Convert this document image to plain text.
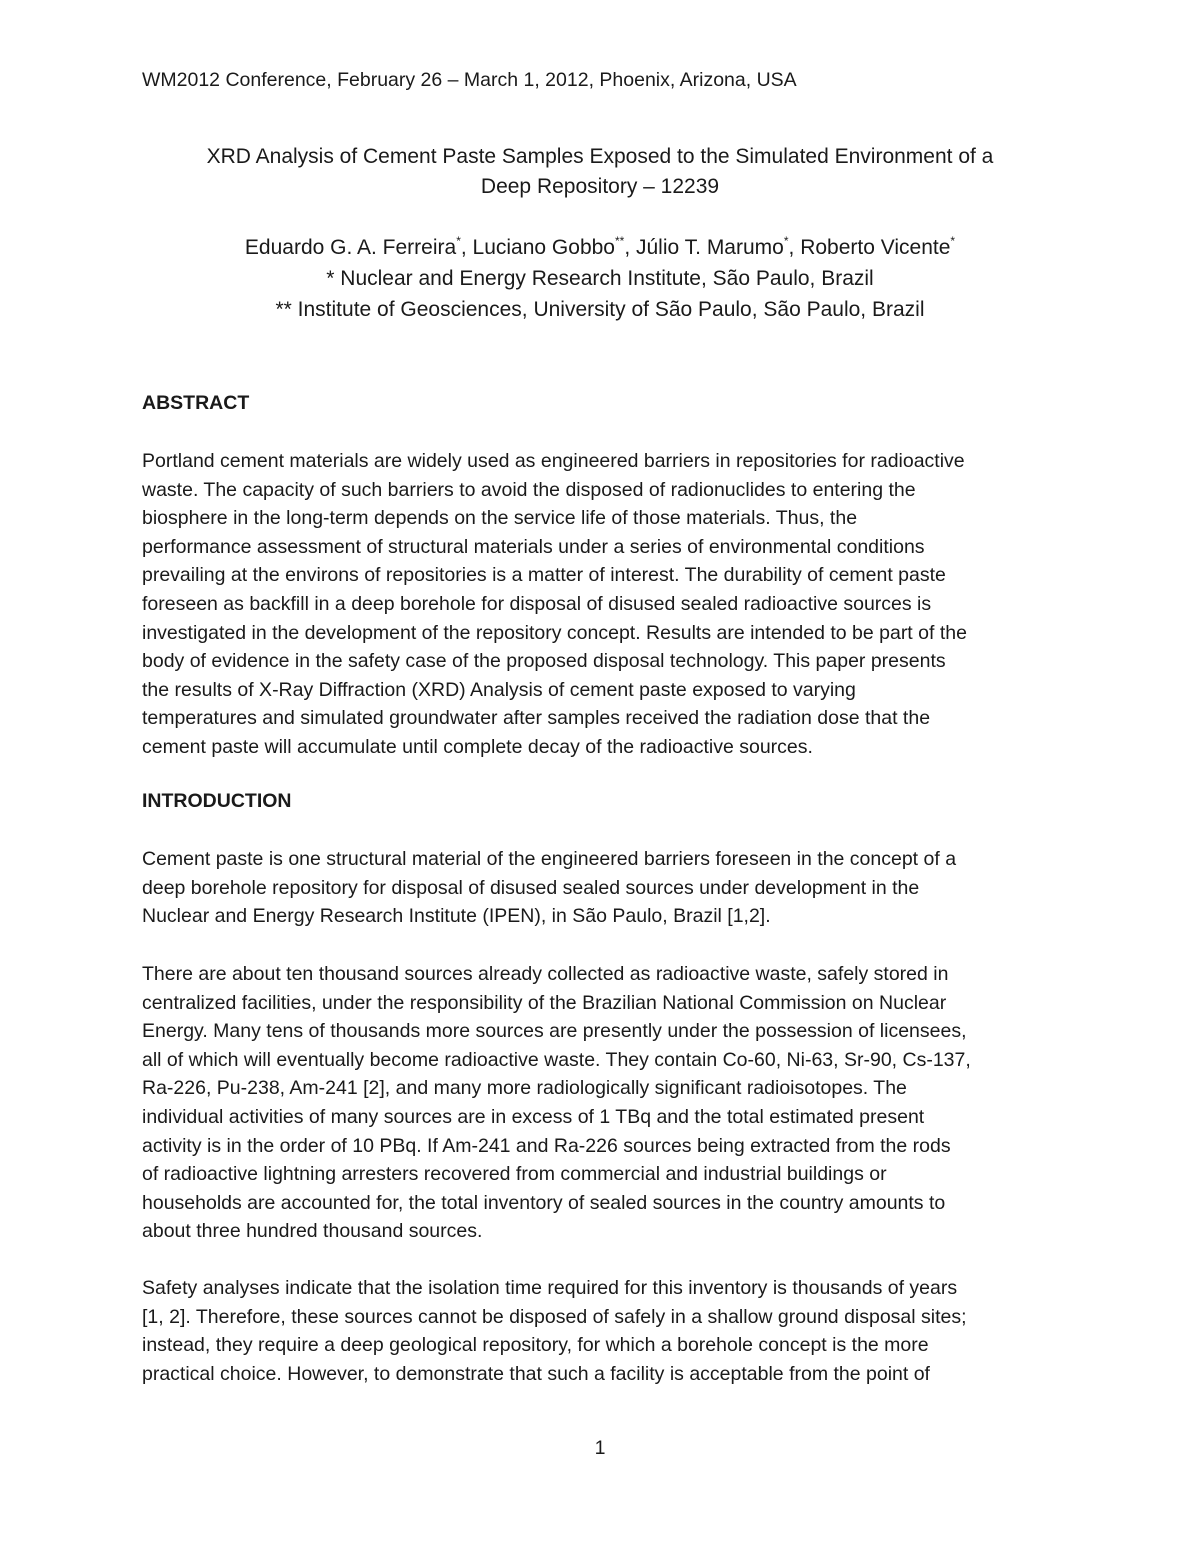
WM2012 Conference, February 26 – March 1, 2012, Phoenix, Arizona, USA
XRD Analysis of Cement Paste Samples Exposed to the Simulated Environment of a
Deep Repository – 12239
Eduardo G. A. Ferreira*, Luciano Gobbo**, Júlio T. Marumo*, Roberto Vicente*
* Nuclear and Energy Research Institute, São Paulo, Brazil
** Institute of Geosciences, University of São Paulo, São Paulo, Brazil
ABSTRACT
Portland cement materials are widely used as engineered barriers in repositories for radioactive
waste. The capacity of such barriers to avoid the disposed of radionuclides to entering the
biosphere in the long-term depends on the service life of those materials. Thus, the
performance assessment of structural materials under a series of environmental conditions
prevailing at the environs of repositories is a matter of interest. The durability of cement paste
foreseen as backfill in a deep borehole for disposal of disused sealed radioactive sources is
investigated in the development of the repository concept. Results are intended to be part of the
body of evidence in the safety case of the proposed disposal technology. This paper presents
the results of X-Ray Diffraction (XRD) Analysis of cement paste exposed to varying
temperatures and simulated groundwater after samples received the radiation dose that the
cement paste will accumulate until complete decay of the radioactive sources.
INTRODUCTION
Cement paste is one structural material of the engineered barriers foreseen in the concept of a
deep borehole repository for disposal of disused sealed sources under development in the
Nuclear and Energy Research Institute (IPEN), in São Paulo, Brazil [1,2].
There are about ten thousand sources already collected as radioactive waste, safely stored in
centralized facilities, under the responsibility of the Brazilian National Commission on Nuclear
Energy. Many tens of thousands more sources are presently under the possession of licensees,
all of which will eventually become radioactive waste. They contain Co-60, Ni-63, Sr-90, Cs-137,
Ra-226, Pu-238, Am-241 [2], and many more radiologically significant radioisotopes. The
individual activities of many sources are in excess of 1 TBq and the total estimated present
activity is in the order of 10 PBq. If Am-241 and Ra-226 sources being extracted from the rods
of radioactive lightning arresters recovered from commercial and industrial buildings or
households are accounted for, the total inventory of sealed sources in the country amounts to
about three hundred thousand sources.
Safety analyses indicate that the isolation time required for this inventory is thousands of years
[1, 2]. Therefore, these sources cannot be disposed of safely in a shallow ground disposal sites;
instead, they require a deep geological repository, for which a borehole concept is the more
practical choice. However, to demonstrate that such a facility is acceptable from the point of
1
